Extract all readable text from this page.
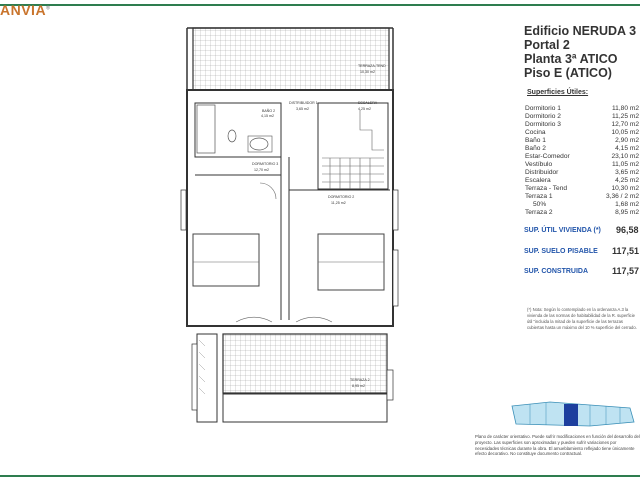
ANVIA®
TERRAZA-TEND
10,30 m2
DISTRIBUIDOR 1
3,65 m2
BAÑO 2
4,15 m2
ESCALERA
4,25 m2
DORMITORIO 3
12,70 m2
DORMITORIO 2
11,25 m2
TERRAZA 2
8,95 m2
Edificio NERUDA 3
Portal 2
Planta 3ª ATICO
Piso E (ATICO)
Superficies Útiles:
Dormitorio 1	11,80 m2
Dormitorio 2	11,25 m2
Dormitorio 3	12,70 m2
Cocina	10,05 m2
Baño 1	2,90 m2
Baño 2	4,15 m2
Estar-Comedor	23,10 m2
Vestíbulo	11,05 m2
Distribuidor	3,65 m2
Escalera	4,25 m2
Terraza - Tend	10,30 m2
Terraza 1	3,36 / 2 m2
50%	1,68 m2
Terraza 2	8,95 m2
SUP. ÚTIL VIVIENDA (*) 96,58
SUP. SUELO PISABLE 117,51
SUP. CONSTRUIDA	117,57
(*) Nota: Según lo contemplado en la ordenanza A.3 la vivienda de las normas de habitabilidad de la R. superficie útil "incluida la mitad de la superficie de las terrazas cubiertas hasta un máximo del 10 % superficie del cerrado.
Plano de carácter orientativo. Puede sufrir modificaciones en función del desarrollo del proyecto. Las superficies son aproximadas y pueden sufrir variaciones por necesidades técnicas durante la obra. El amueblamiento reflejado tiene únicamente efecto decorativo. No constituye documento contractual.
